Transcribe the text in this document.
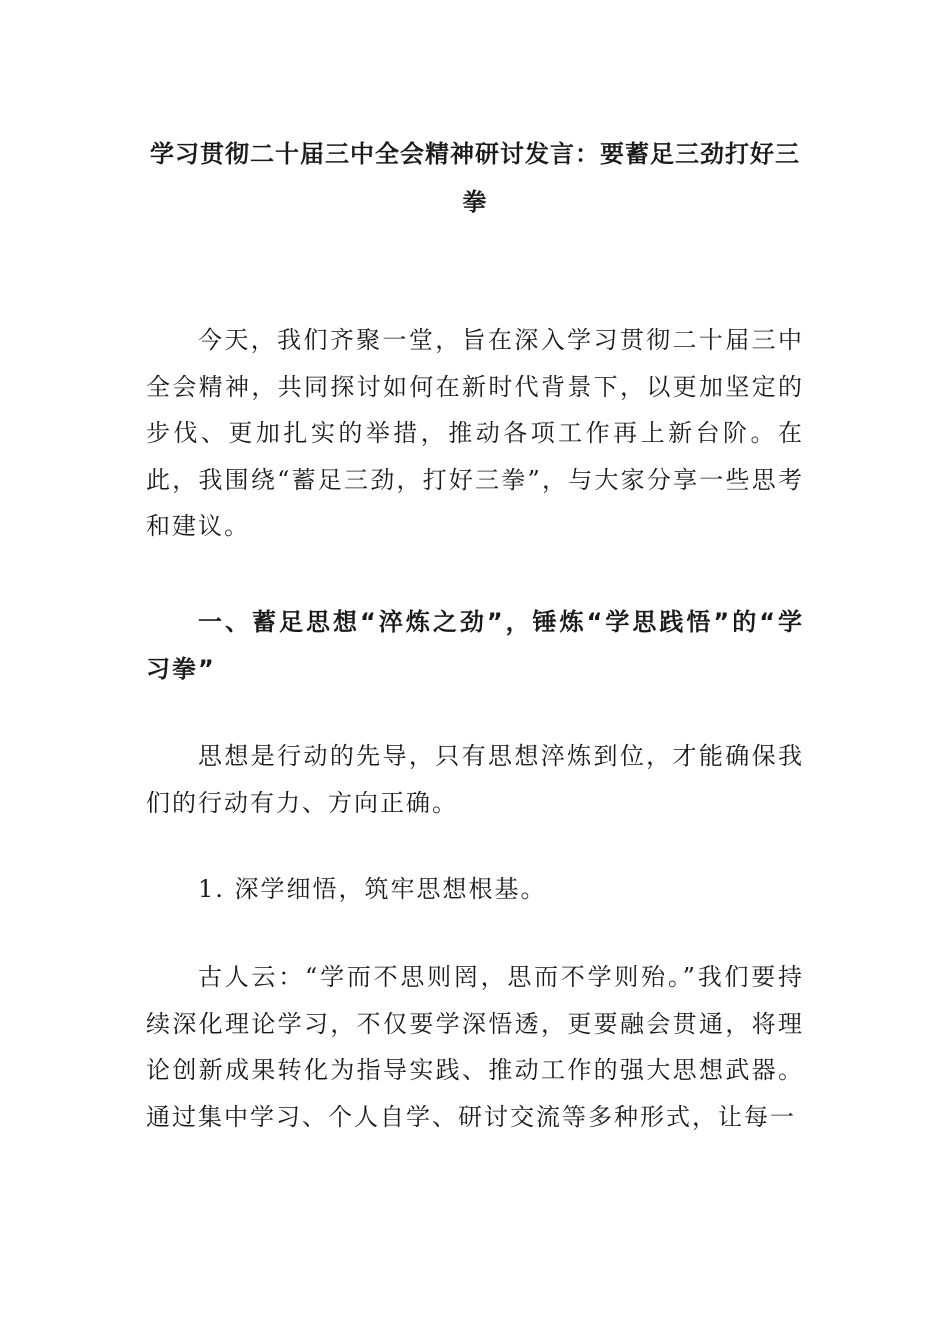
学习贯彻二十届三中全会精神研讨发言：要蓄足三劲打好三拳

今天，我们齐聚一堂，旨在深入学习贯彻二十届三中全会精神，共同探讨如何在新时代背景下，以更加坚定的步伐、更加扎实的举措，推动各项工作再上新台阶。在此，我围绕“蓄足三劲，打好三拳”，与大家分享一些思考和建议。

一、蓄足思想“淬炼之劲”，锤炼“学思践悟”的“学习拳”

思想是行动的先导，只有思想淬炼到位，才能确保我们的行动有力、方向正确。

1. 深学细悟，筑牢思想根基。

古人云：“学而不思则罔，思而不学则殆。”我们要持续深化理论学习，不仅要学深悟透，更要融会贯通，将理论创新成果转化为指导实践、推动工作的强大思想武器。通过集中学习、个人自学、研讨交流等多种形式，让每一
